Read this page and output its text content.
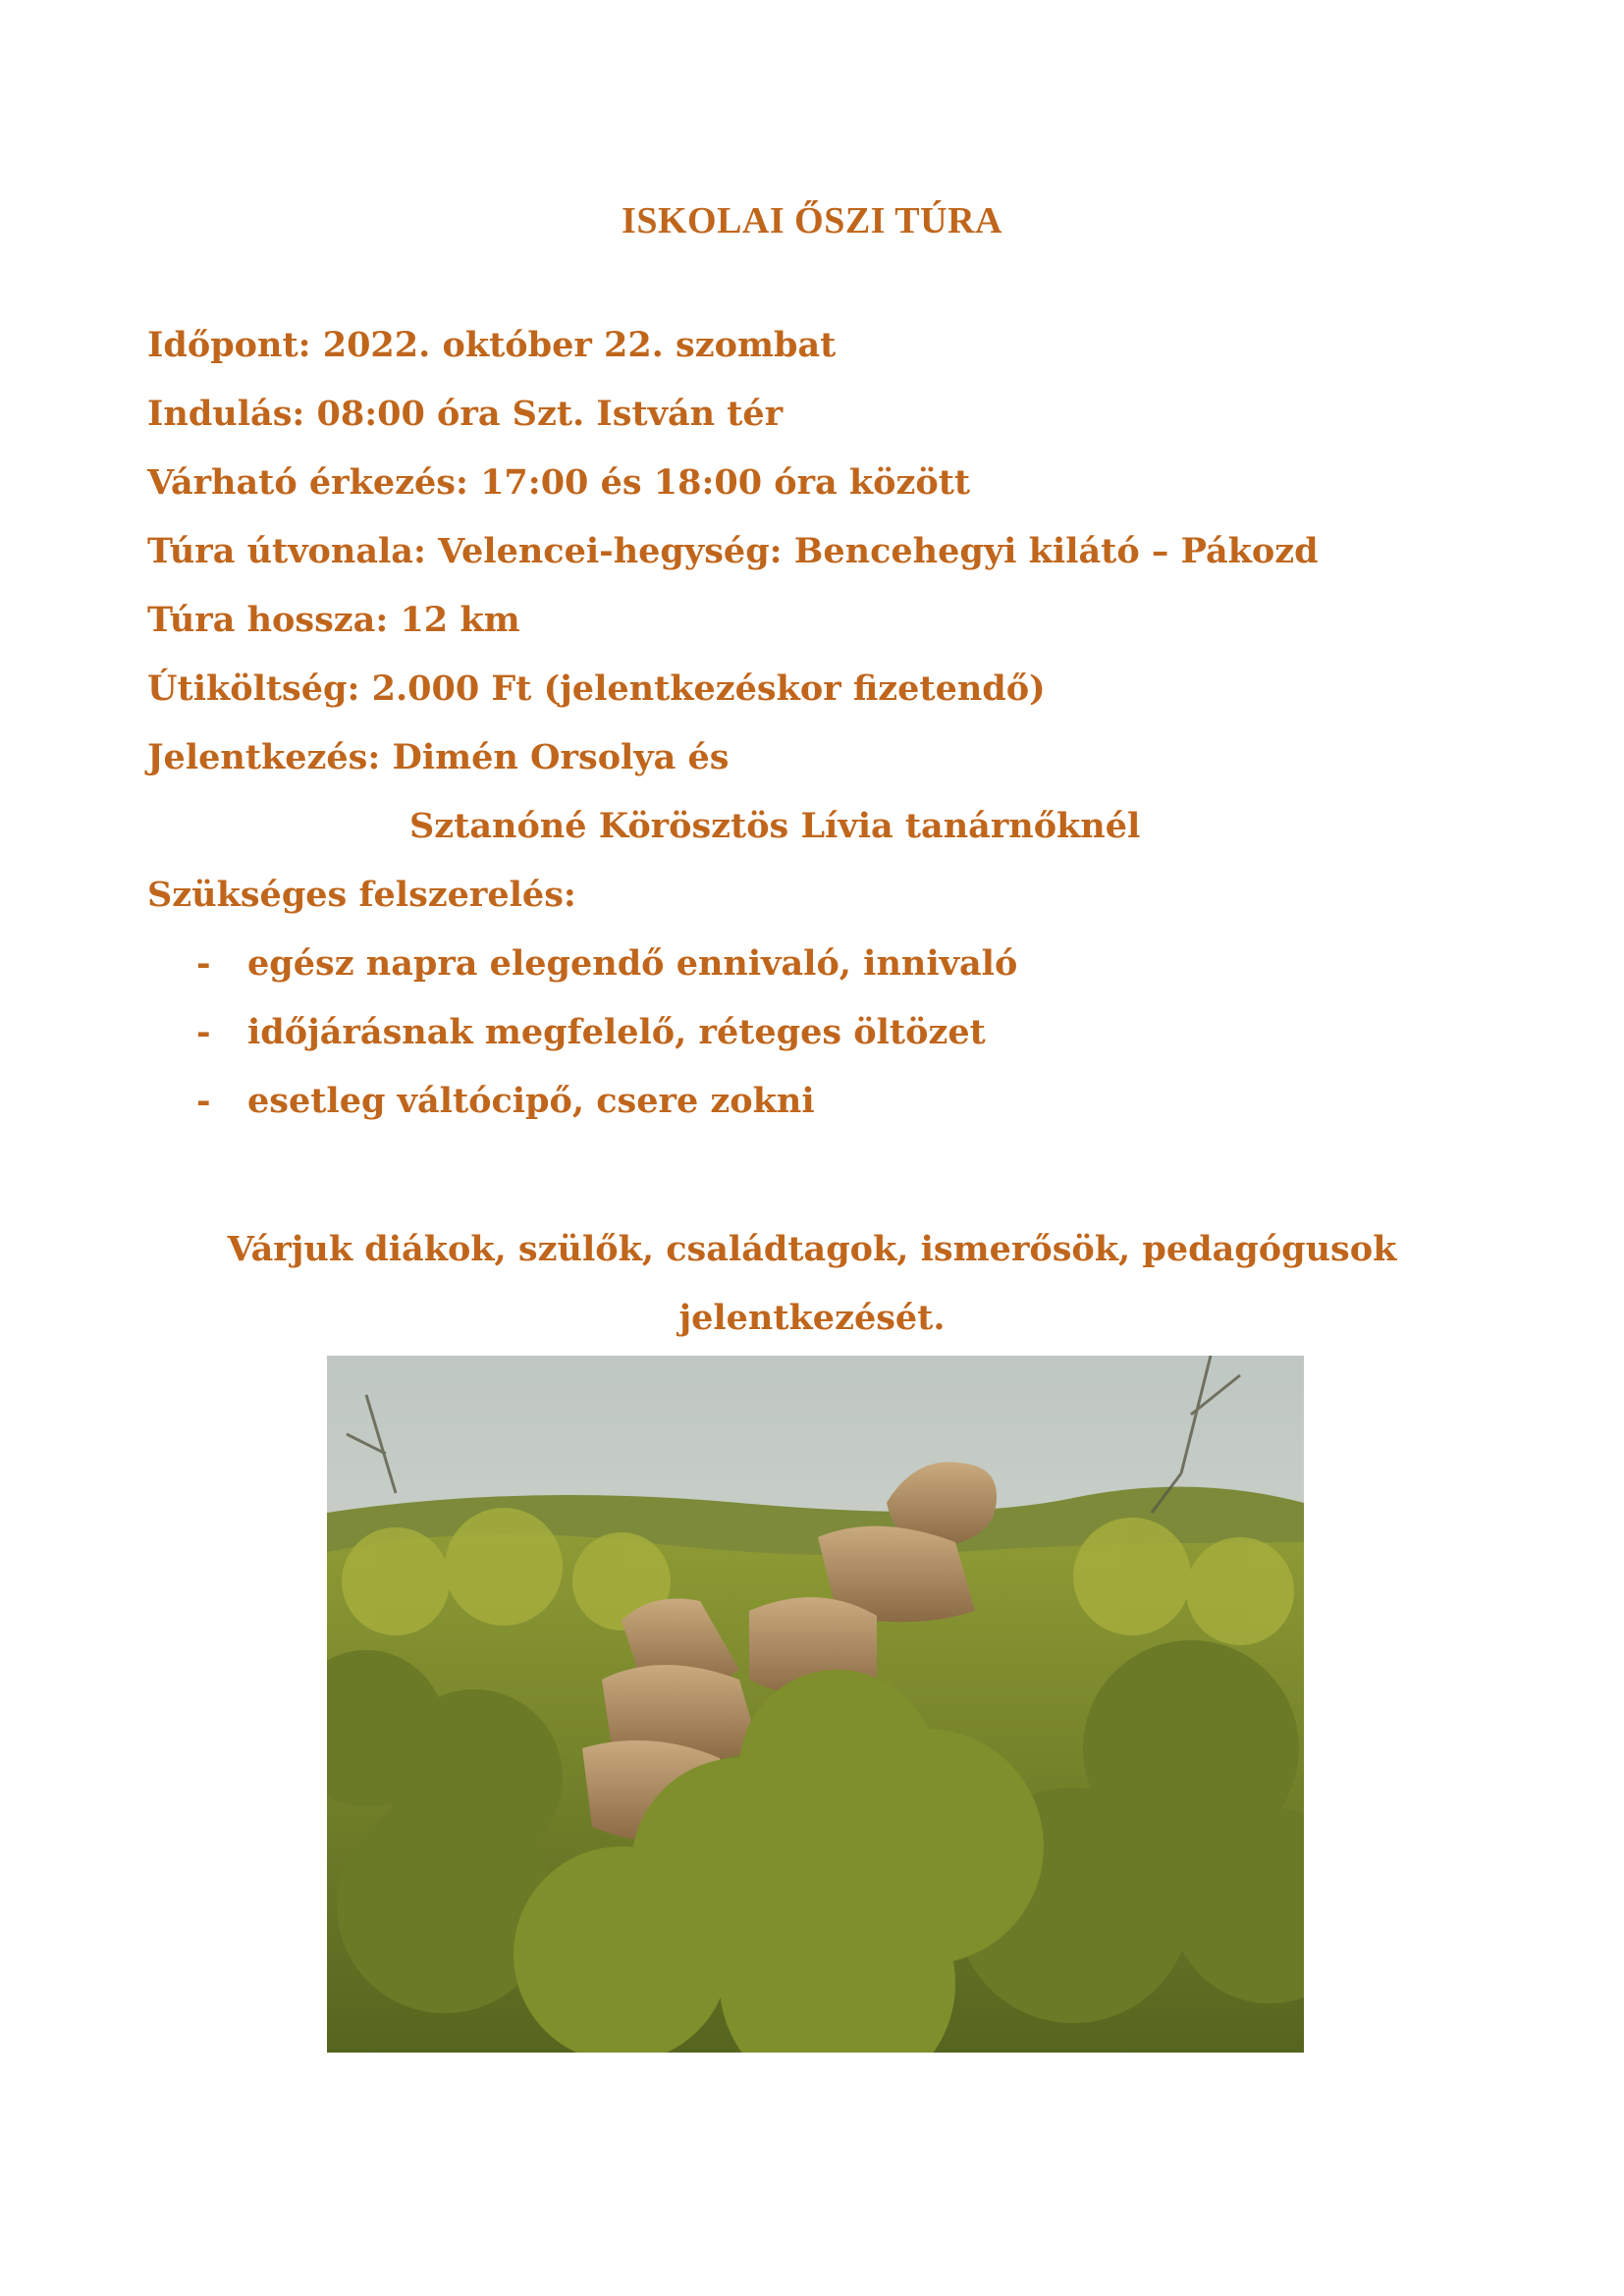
ISKOLAI ŐSZI TÚRA
Időpont: 2022. október 22. szombat
Indulás: 08:00 óra Szt. István tér
Várható érkezés: 17:00 és 18:00 óra között
Túra útvonala: Velencei-hegység: Bencehegyi kilátó – Pákozd
Túra hossza: 12 km
Útiköltség: 2.000 Ft (jelentkezéskor fizetendő)
Jelentkezés: Dimén Orsolya és
Sztanóné Körösztös Lívia tanárnőknél
Szükséges felszerelés:
- egész napra elegendő ennivaló, innivaló
- időjárásnak megfelelő, réteges öltözet
- esetleg váltócipő, csere zokni
Várjuk diákok, szülők, családtagok, ismerősök, pedagógusok
jelentkezését.
